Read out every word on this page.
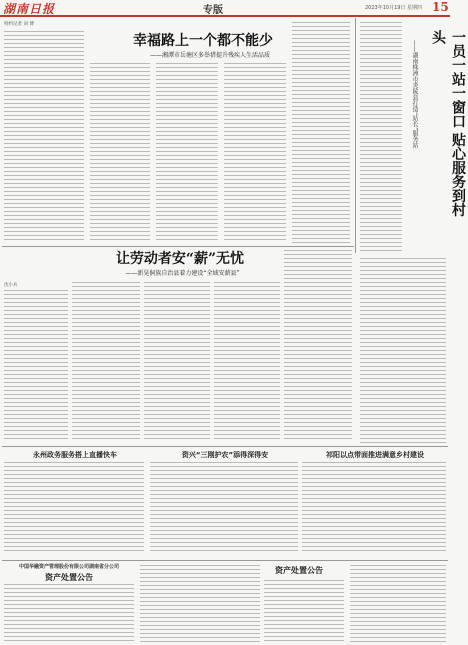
湖南日报	专版	2023年10月19日 星期四 15
特约记者 刘 博
幸福路上一个都不能少
——湘潭市岳塘区多举措提升残疾人生活品质	一员一站一窗口 贴心服务到村头
——湖南株洲市炎陵县打造“站长”服务站
让劳动者安“薪”无忧
——新晃侗族自治县着力建设“全域安薪县”
沈小兵
永州政务服务搭上直播快车	资兴“三刚护农”添得深得安	祁阳以点带面推进满意乡村建设
中国华融资产管理股份有限公司湖南省分公司
资产处置公告
资产处置公告
